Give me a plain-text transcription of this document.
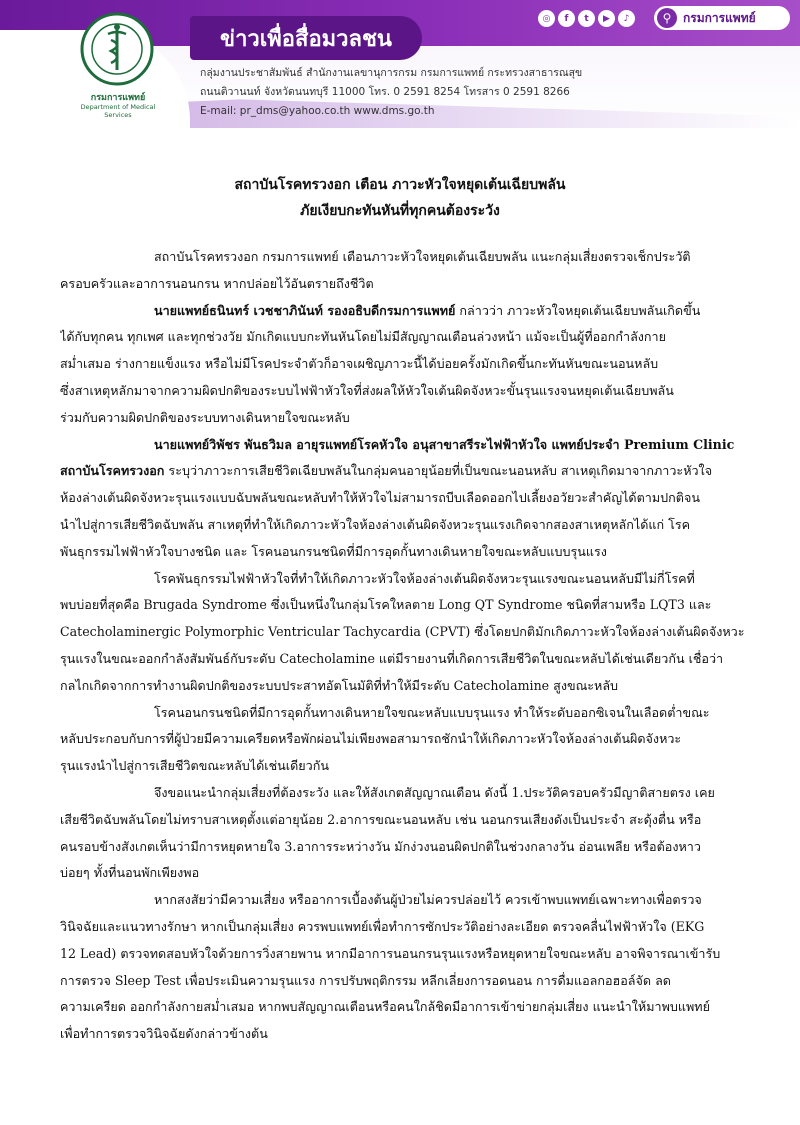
กรมการแพทย์
Department of Medical Services
ข่าวเพื่อสื่อมวลชน
กลุ่มงานประชาสัมพันธ์ สำนักงานเลขานุการกรม กรมการแพทย์ กระทรวงสาธารณสุข
ถนนติวานนท์ จังหวัดนนทบุรี 11000 โทร. 0 2591 8254 โทรสาร 0 2591 8266
E-mail: pr_dms@yahoo.co.th www.dms.go.th
◎	f	t	▶	♪	⚲ กรมการแพทย์
สถาบันโรคทรวงอก เตือน ภาวะหัวใจหยุดเต้นเฉียบพลัน
ภัยเงียบกะทันหันที่ทุกคนต้องระวัง

สถาบันโรคทรวงอก กรมการแพทย์ เตือนภาวะหัวใจหยุดเต้นเฉียบพลัน แนะกลุ่มเสี่ยงตรวจเช็กประวัติ
ครอบครัวและอาการนอนกรน หากปล่อยไว้อันตรายถึงชีวิต

นายแพทย์ธนินทร์ เวชชาภินันท์ รองอธิบดีกรมการแพทย์ กล่าวว่า ภาวะหัวใจหยุดเต้นเฉียบพลันเกิดขึ้น
ได้กับทุกคน ทุกเพศ และทุกช่วงวัย มักเกิดแบบกะทันหันโดยไม่มีสัญญาณเตือนล่วงหน้า แม้จะเป็นผู้ที่ออกกำลังกาย
สม่ำเสมอ ร่างกายแข็งแรง หรือไม่มีโรคประจำตัวก็อาจเผชิญภาวะนี้ได้บ่อยครั้งมักเกิดขึ้นกะทันหันขณะนอนหลับ
ซึ่งสาเหตุหลักมาจากความผิดปกติของระบบไฟฟ้าหัวใจที่ส่งผลให้หัวใจเต้นผิดจังหวะขั้นรุนแรงจนหยุดเต้นเฉียบพลัน
ร่วมกับความผิดปกติของระบบทางเดินหายใจขณะหลับ

นายแพทย์วิพัชร พันธวิมล อายุรแพทย์โรคหัวใจ อนุสาขาสรีระไฟฟ้าหัวใจ แพทย์ประจำ Premium Clinic
สถาบันโรคทรวงอก ระบุว่าภาวะการเสียชีวิตเฉียบพลันในกลุ่มคนอายุน้อยที่เป็นขณะนอนหลับ สาเหตุเกิดมาจากภาวะหัวใจ
ห้องล่างเต้นผิดจังหวะรุนแรงแบบฉับพลันขณะหลับทำให้หัวใจไม่สามารถบีบเลือดออกไปเลี้ยงอวัยวะสำคัญได้ตามปกติจน
นำไปสู่การเสียชีวิตฉับพลัน สาเหตุที่ทำให้เกิดภาวะหัวใจห้องล่างเต้นผิดจังหวะรุนแรงเกิดจากสองสาเหตุหลักได้แก่ โรค
พันธุกรรมไฟฟ้าหัวใจบางชนิด และ โรคนอนกรนชนิดที่มีการอุดกั้นทางเดินหายใจขณะหลับแบบรุนแรง

โรคพันธุกรรมไฟฟ้าหัวใจที่ทำให้เกิดภาวะหัวใจห้องล่างเต้นผิดจังหวะรุนแรงขณะนอนหลับมีไม่กี่โรคที่
พบบ่อยที่สุดคือ Brugada Syndrome ซึ่งเป็นหนึ่งในกลุ่มโรคใหลตาย Long QT Syndrome ชนิดที่สามหรือ LQT3 และ
Catecholaminergic Polymorphic Ventricular Tachycardia (CPVT) ซึ่งโดยปกติมักเกิดภาวะหัวใจห้องล่างเต้นผิดจังหวะ
รุนแรงในขณะออกกำลังสัมพันธ์กับระดับ Catecholamine แต่มีรายงานที่เกิดการเสียชีวิตในขณะหลับได้เช่นเดียวกัน เชื่อว่า
กลไกเกิดจากการทำงานผิดปกติของระบบประสาทอัตโนมัติที่ทำให้มีระดับ Catecholamine สูงขณะหลับ

โรคนอนกรนชนิดที่มีการอุดกั้นทางเดินหายใจขณะหลับแบบรุนแรง ทำให้ระดับออกซิเจนในเลือดต่ำขณะ
หลับประกอบกับการที่ผู้ป่วยมีความเครียดหรือพักผ่อนไม่เพียงพอสามารถชักนำให้เกิดภาวะหัวใจห้องล่างเต้นผิดจังหวะ
รุนแรงนำไปสู่การเสียชีวิตขณะหลับได้เช่นเดียวกัน

จึงขอแนะนำกลุ่มเสี่ยงที่ต้องระวัง และให้สังเกตสัญญาณเตือน ดังนี้ 1.ประวัติครอบครัวมีญาติสายตรง เคย
เสียชีวิตฉับพลันโดยไม่ทราบสาเหตุตั้งแต่อายุน้อย 2.อาการขณะนอนหลับ เช่น นอนกรนเสียงดังเป็นประจำ สะดุ้งตื่น หรือ
คนรอบข้างสังเกตเห็นว่ามีการหยุดหายใจ 3.อาการระหว่างวัน มักง่วงนอนผิดปกติในช่วงกลางวัน อ่อนเพลีย หรือต้องหาว
บ่อยๆ ทั้งที่นอนพักเพียงพอ

หากสงสัยว่ามีความเสี่ยง หรืออาการเบื้องต้นผู้ป่วยไม่ควรปล่อยไว้ ควรเข้าพบแพทย์เฉพาะทางเพื่อตรวจ
วินิจฉัยและแนวทางรักษา หากเป็นกลุ่มเสี่ยง ควรพบแพทย์เพื่อทำการซักประวัติอย่างละเอียด ตรวจคลื่นไฟฟ้าหัวใจ (EKG
12 Lead) ตรวจทดสอบหัวใจด้วยการวิ่งสายพาน หากมีอาการนอนกรนรุนแรงหรือหยุดหายใจขณะหลับ อาจพิจารณาเข้ารับ
การตรวจ Sleep Test เพื่อประเมินความรุนแรง การปรับพฤติกรรม หลีกเลี่ยงการอดนอน การดื่มแอลกอฮอล์จัด ลด
ความเครียด ออกกำลังกายสม่ำเสมอ หากพบสัญญาณเตือนหรือคนใกล้ชิดมีอาการเข้าข่ายกลุ่มเสี่ยง แนะนำให้มาพบแพทย์
เพื่อทำการตรวจวินิจฉัยดังกล่าวข้างต้น
